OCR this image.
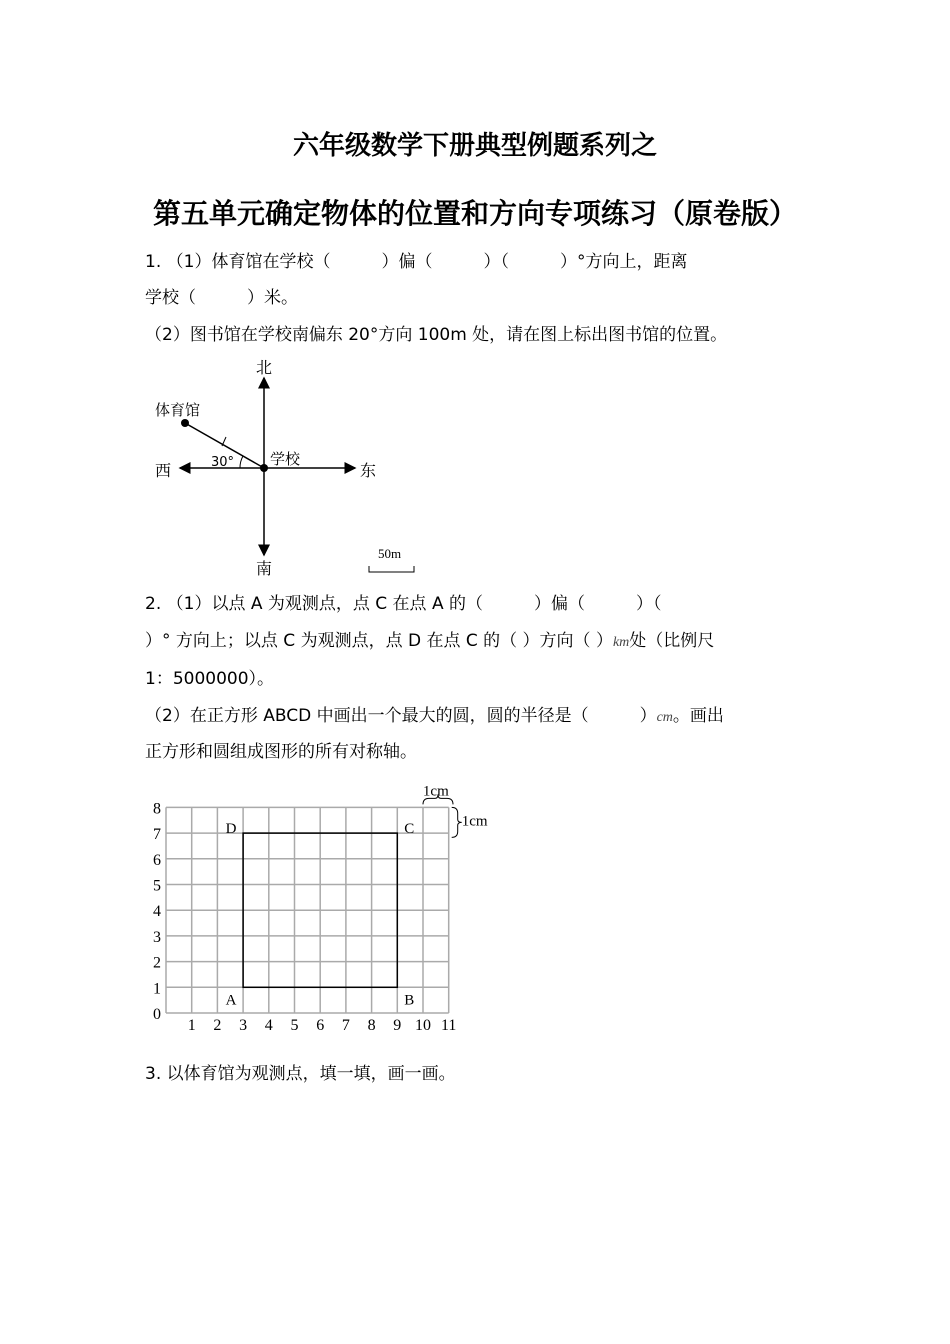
六年级数学下册典型例题系列之
第五单元确定物体的位置和方向专项练习（原卷版）
1. （1）体育馆在学校（　　　）偏（　　　）（　　　）°方向上，距离
学校（　　　）米。
（2）图书馆在学校南偏东 20°方向 100m 处，请在图上标出图书馆的位置。
北
南
西	东
学校
体育馆
30°
50m
2. （1）以点 A 为观测点，点 C 在点 A 的（　　　）偏（　　　）（
）° 方向上；以点 C 为观测点，点 D 在点 C 的（ ）方向（ ）km处（比例尺
1：5000000）。
（2）在正方形 ABCD 中画出一个最大的圆，圆的半径是（　　　）cm。画出
正方形和圆组成图形的所有对称轴。
1 2 3 4 5 6 7 8 9 10 11
0
1
2
3
4
5
6
7
8
A	B
C
D
1cm
1cm
3. 以体育馆为观测点，填一填，画一画。
